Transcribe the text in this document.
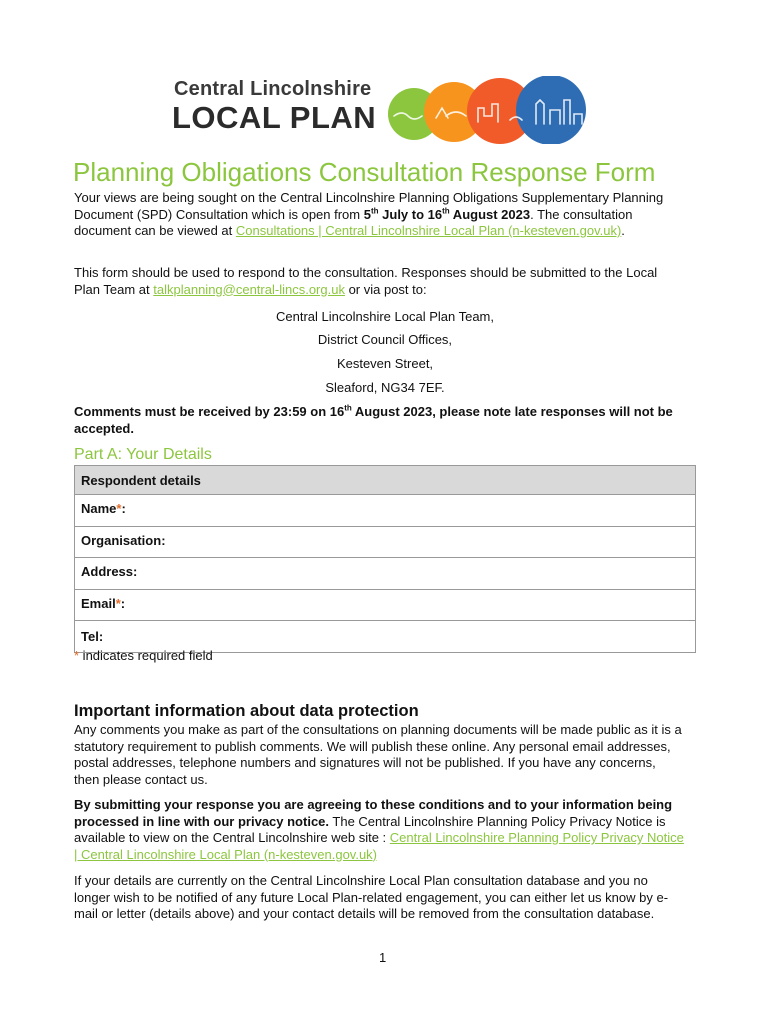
Central Lincolnshire
LOCAL PLAN
Planning Obligations Consultation Response Form

Your views are being sought on the Central Lincolnshire Planning Obligations Supplementary Planning Document (SPD) Consultation which is open from 5th July to 16th August 2023. The consultation document can be viewed at Consultations | Central Lincolnshire Local Plan (n-kesteven.gov.uk).

This form should be used to respond to the consultation. Responses should be submitted to the Local Plan Team at talkplanning@central-lincs.org.uk or via post to:

Central Lincolnshire Local Plan Team,

District Council Offices,

Kesteven Street,

Sleaford, NG34 7EF.

Comments must be received by 23:59 on 16th August 2023, please note late responses will not be accepted.

Part A: Your Details
Respondent details
Name*:
Organisation:
Address:
Email*:
Tel:

* indicates required field

Important information about data protection

Any comments you make as part of the consultations on planning documents will be made public as it is a statutory requirement to publish comments. We will publish these online. Any personal email addresses, postal addresses, telephone numbers and signatures will not be published. If you have any concerns, then please contact us.

By submitting your response you are agreeing to these conditions and to your information being processed in line with our privacy notice. The Central Lincolnshire Planning Policy Privacy Notice is available to view on the Central Lincolnshire web site : Central Lincolnshire Planning Policy Privacy Notice | Central Lincolnshire Local Plan (n-kesteven.gov.uk)

If your details are currently on the Central Lincolnshire Local Plan consultation database and you no longer wish to be notified of any future Local Plan-related engagement, you can either let us know by e-mail or letter (details above) and your contact details will be removed from the consultation database.

1
